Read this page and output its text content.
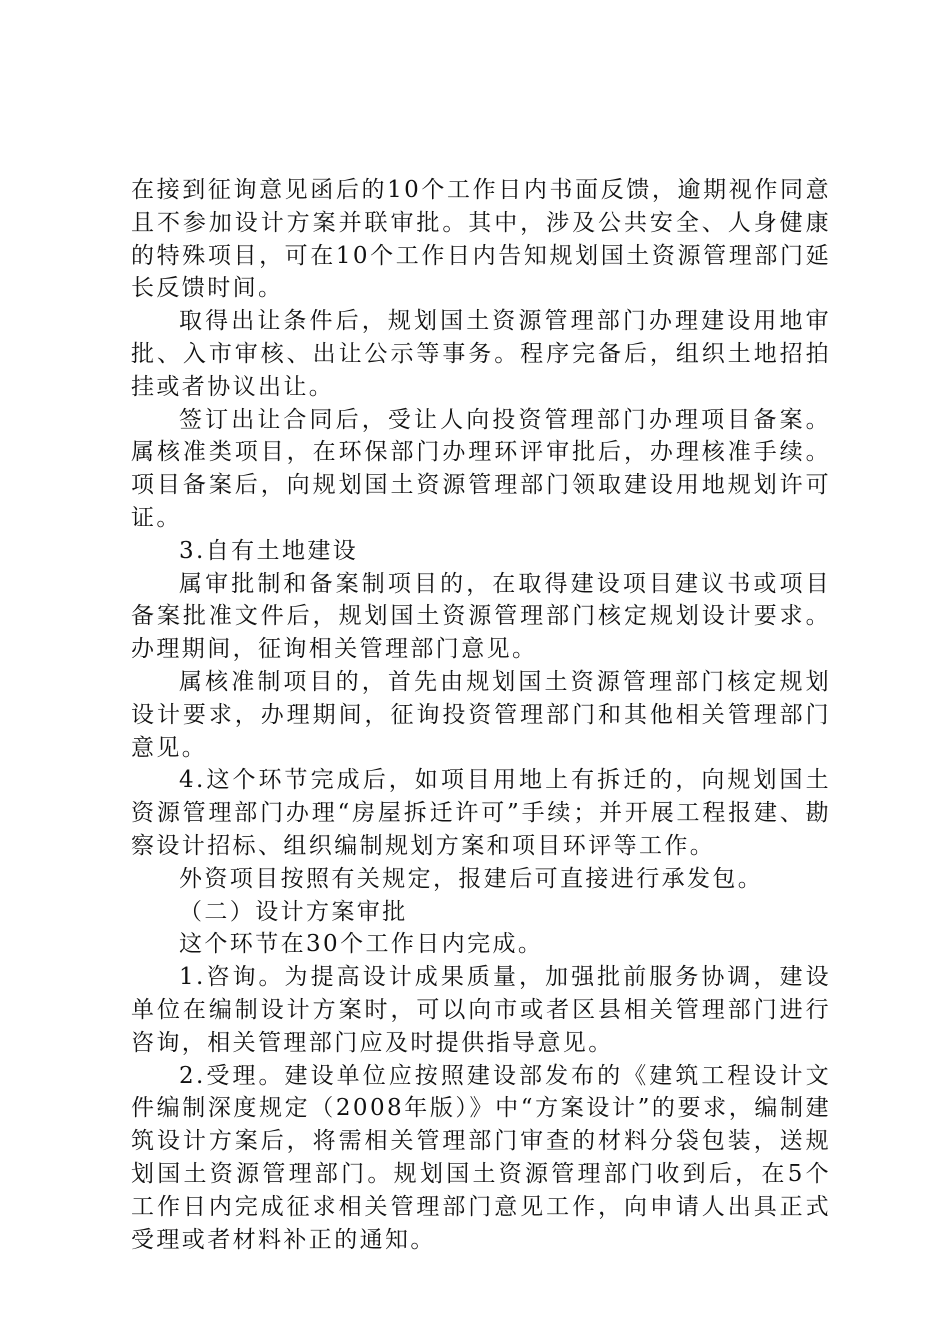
在接到征询意见函后的10个工作日内书面反馈，逾期视作同意且不参加设计方案并联审批。其中，涉及公共安全、人身健康的特殊项目，可在10个工作日内告知规划国土资源管理部门延长反馈时间。

取得出让条件后，规划国土资源管理部门办理建设用地审批、入市审核、出让公示等事务。程序完备后，组织土地招拍挂或者协议出让。

签订出让合同后，受让人向投资管理部门办理项目备案。属核准类项目，在环保部门办理环评审批后，办理核准手续。项目备案后，向规划国土资源管理部门领取建设用地规划许可证。

3.自有土地建设

属审批制和备案制项目的，在取得建设项目建议书或项目备案批准文件后，规划国土资源管理部门核定规划设计要求。办理期间，征询相关管理部门意见。

属核准制项目的，首先由规划国土资源管理部门核定规划设计要求，办理期间，征询投资管理部门和其他相关管理部门意见。

4.这个环节完成后，如项目用地上有拆迁的，向规划国土资源管理部门办理“房屋拆迁许可”手续；并开展工程报建、勘察设计招标、组织编制规划方案和项目环评等工作。

外资项目按照有关规定，报建后可直接进行承发包。

（二）设计方案审批

这个环节在30个工作日内完成。

1.咨询。为提高设计成果质量，加强批前服务协调，建设单位在编制设计方案时，可以向市或者区县相关管理部门进行咨询，相关管理部门应及时提供指导意见。

2.受理。建设单位应按照建设部发布的《建筑工程设计文件编制深度规定（2008年版）》中“方案设计”的要求，编制建筑设计方案后，将需相关管理部门审查的材料分袋包装，送规划国土资源管理部门。规划国土资源管理部门收到后，在5个工作日内完成征求相关管理部门意见工作，向申请人出具正式受理或者材料补正的通知。
